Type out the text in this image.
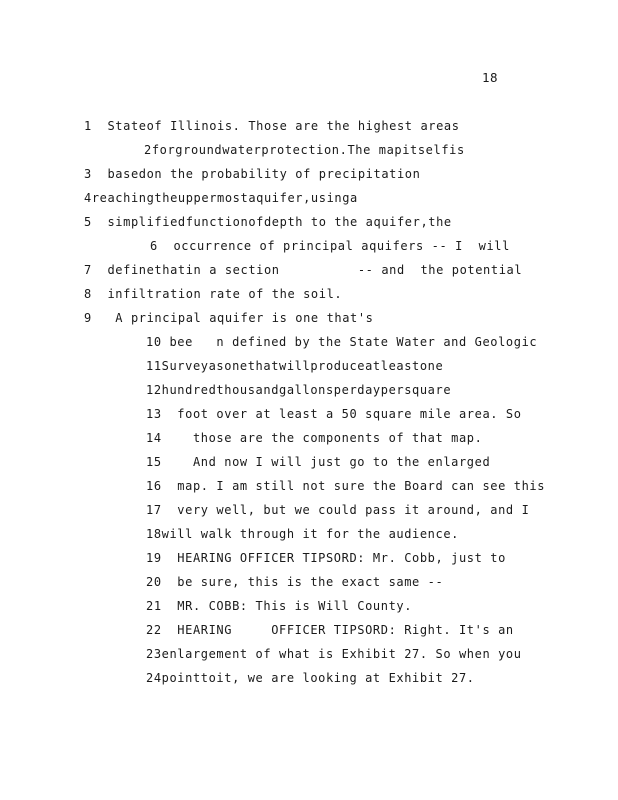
18
1  Stateof Illinois. Those are the highest areas
2forgroundwaterprotection.The mapitselfis
3  basedon the probability of precipitation
4reachingtheuppermostaquifer,usinga
5  simplifiedfunctionofdepth to the aquifer,the
6  occurrence of principal aquifers -- I  will
7  definethatin a section          -- and  the potential
8  infiltration rate of the soil.
9   A principal aquifer is one that's
10 bee   n defined by the State Water and Geologic
11Surveyasonethatwillproduceatleastone
12hundredthousandgallonsperdaypersquare
13  foot over at least a 50 square mile area. So
14    those are the components of that map.
15    And now I will just go to the enlarged
16  map. I am still not sure the Board can see this
17  very well, but we could pass it around, and I
18will walk through it for the audience.
19  HEARING OFFICER TIPSORD: Mr. Cobb, just to
20  be sure, this is the exact same --
21  MR. COBB: This is Will County.
22  HEARING     OFFICER TIPSORD: Right. It's an
23enlargement of what is Exhibit 27. So when you
24pointtoit, we are looking at Exhibit 27.
